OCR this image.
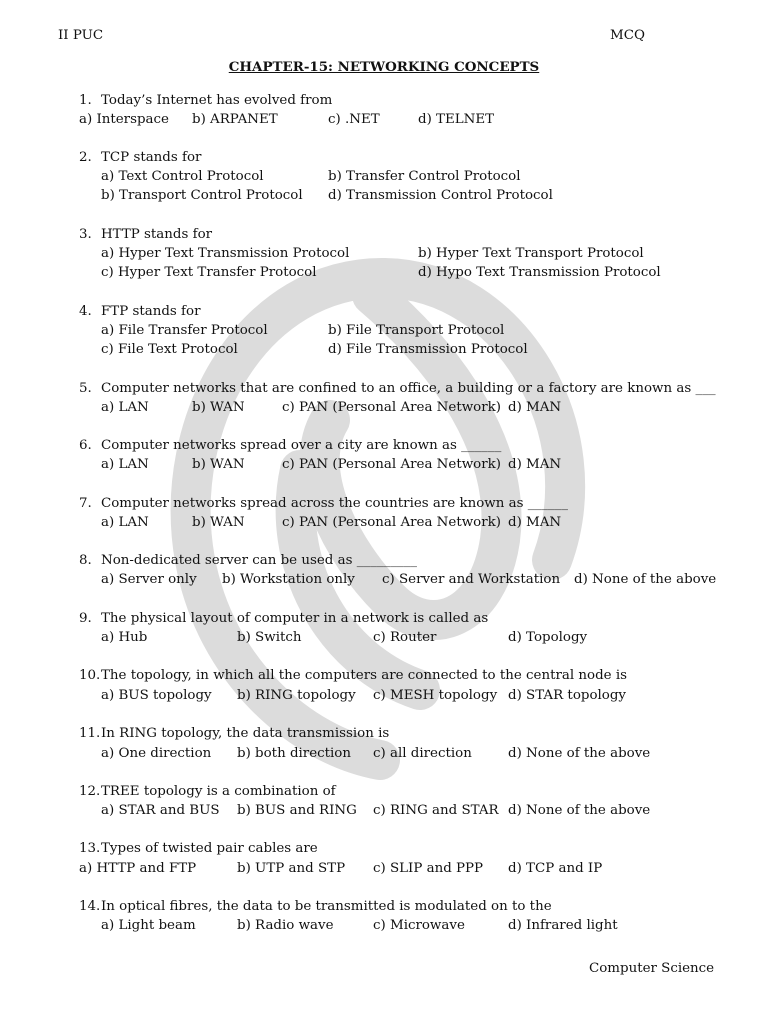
II PUC	MCQ
CHAPTER-15: NETWORKING CONCEPTS
1. Today’s Internet has evolved from
a) Interspace b) ARPANET	c) .NET	d) TELNET
2. TCP stands for
a) Text Control Protocol	b) Transfer Control Protocol
b) Transport Control Protocol d) Transmission Control Protocol
3. HTTP stands for
a) Hyper Text Transmission Protocol	b) Hyper Text Transport Protocol
c) Hyper Text Transfer Protocol	d) Hypo Text Transmission Protocol
4. FTP stands for
a) File Transfer Protocol	b) File Transport Protocol
c) File Text Protocol	d) File Transmission Protocol
5. Computer networks that are confined to an office, a building or a factory are known as ___
a) LAN	b) WAN	c) PAN (Personal Area Network) d) MAN
6. Computer networks spread over a city are known as ______
a) LAN	b) WAN	c) PAN (Personal Area Network) d) MAN
7. Computer networks spread across the countries are known as ______
a) LAN	b) WAN	c) PAN (Personal Area Network) d) MAN
8. Non-dedicated server can be used as _________
a) Server only b) Workstation only c) Server and Workstation d) None of the above
9. The physical layout of computer in a network is called as
a) Hub	b) Switch	c) Router	d) Topology
10. The topology, in which all the computers are connected to the central node is
a) BUS topology b) RING topology c) MESH topology d) STAR topology
11. In RING topology, the data transmission is
a) One direction b) both direction c) all direction	d) None of the above
12. TREE topology is a combination of
a) STAR and BUS b) BUS and RING c) RING and STAR d) None of the above
13. Types of twisted pair cables are
a) HTTP and FTP	b) UTP and STP c) SLIP and PPP d) TCP and IP
14. In optical fibres, the data to be transmitted is modulated on to the
a) Light beam	b) Radio wave	c) Microwave	d) Infrared light
Computer Science
